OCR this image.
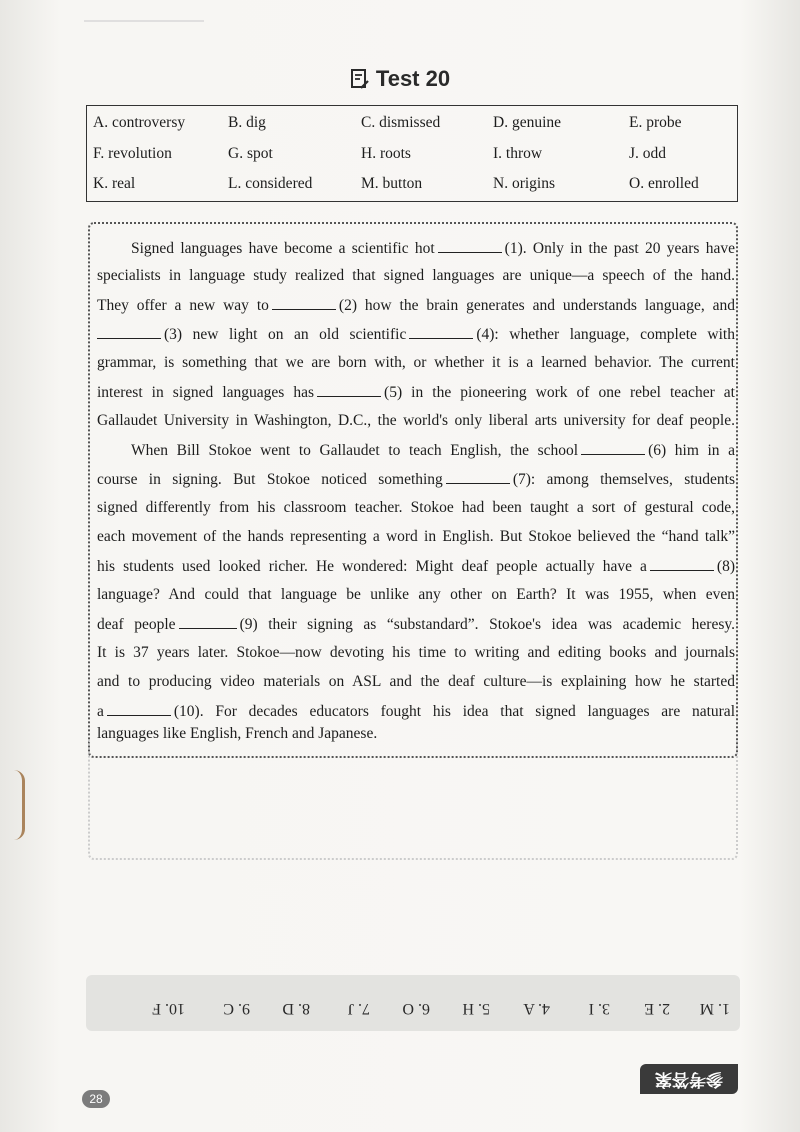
Test 20
A. controversy	B. dig	C. dismissed	D. genuine	E. probe
F. revolution	G. spot	H. roots	I. throw	J. odd
K. real	L. considered	M. button	N. origins	O. enrolled
Signed languages have become a scientific hot	(1). Only in the past 20 years have
specialists in language study realized that signed languages are unique—a speech of the hand.
They offer a new way to	(2) how the brain generates and understands language, and
(3) new light on an old scientific	(4): whether language, complete with
grammar, is something that we are born with, or whether it is a learned behavior. The current
interest in signed languages has	(5) in the pioneering work of one rebel teacher at
Gallaudet University in Washington, D.C., the world's only liberal arts university for deaf people.
When Bill Stokoe went to Gallaudet to teach English, the school	(6) him in a
course in signing. But Stokoe noticed something	(7): among themselves, students
signed differently from his classroom teacher. Stokoe had been taught a sort of gestural code,
each movement of the hands representing a word in English. But Stokoe believed the “hand talk”
his students used looked richer. He wondered: Might deaf people actually have a	(8)
language? And could that language be unlike any other on Earth? It was 1955, when even
deaf people	(9) their signing as “substandard”. Stokoe's idea was academic heresy.
It is 37 years later. Stokoe—now devoting his time to writing and editing books and journals
and to producing video materials on ASL and the deaf culture—is explaining how he started
a	(10). For decades educators fought his idea that signed languages are natural
languages like English, French and Japanese.
1. M
2. E
3. I
4. A
5. H
6. O
7. J
8. D
9. C
10. F
参考答案
28
